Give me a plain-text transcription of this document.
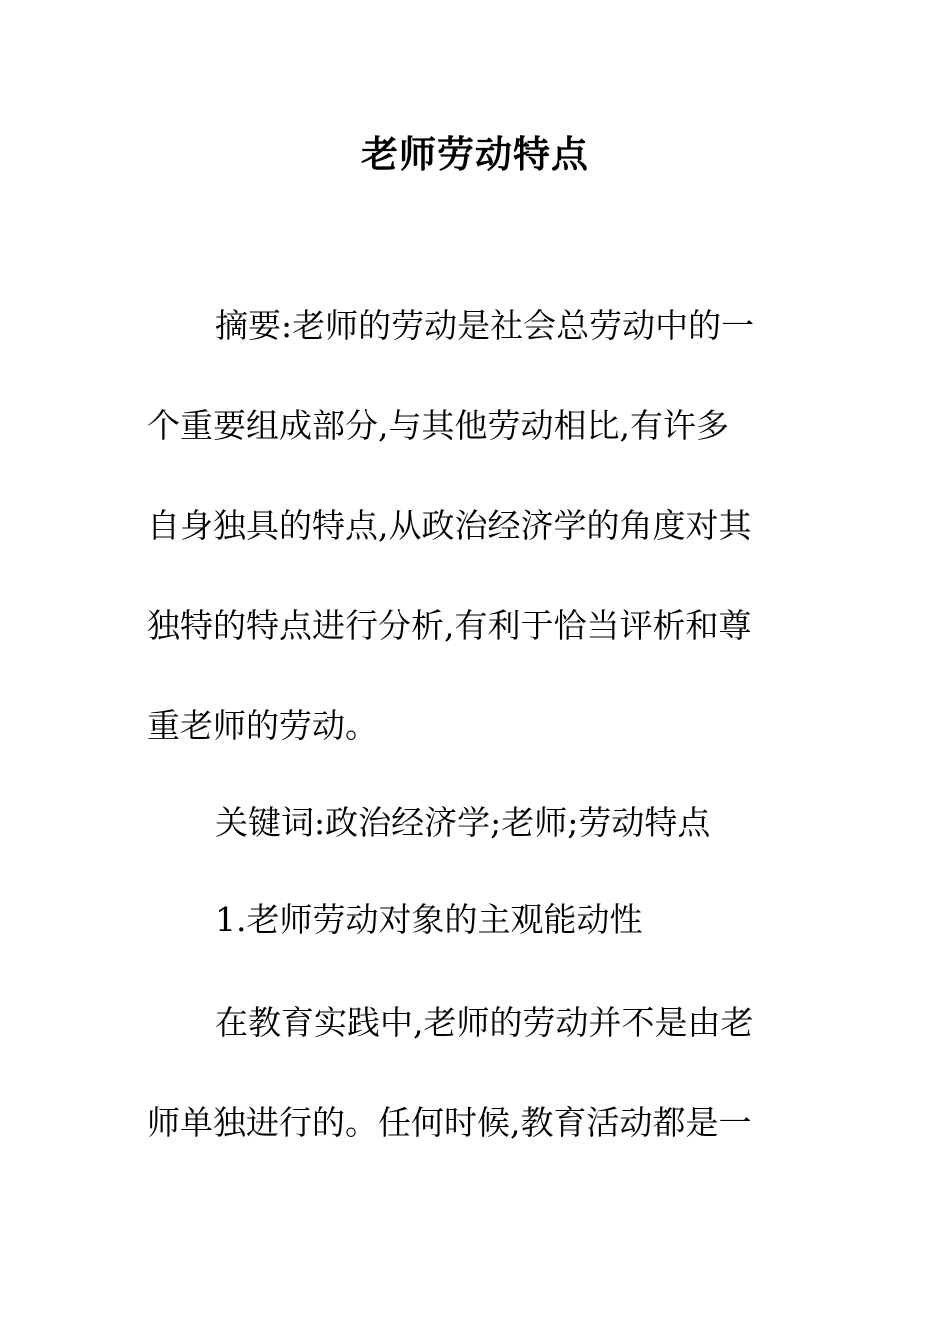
老师劳动特点
摘要:老师的劳动是社会总劳动中的一
个重要组成部分,与其他劳动相比,有许多
自身独具的特点,从政治经济学的角度对其
独特的特点进行分析,有利于恰当评析和尊
重老师的劳动。
关键词:政治经济学;老师;劳动特点
1.老师劳动对象的主观能动性
在教育实践中,老师的劳动并不是由老
师单独进行的。任何时候,教育活动都是一
